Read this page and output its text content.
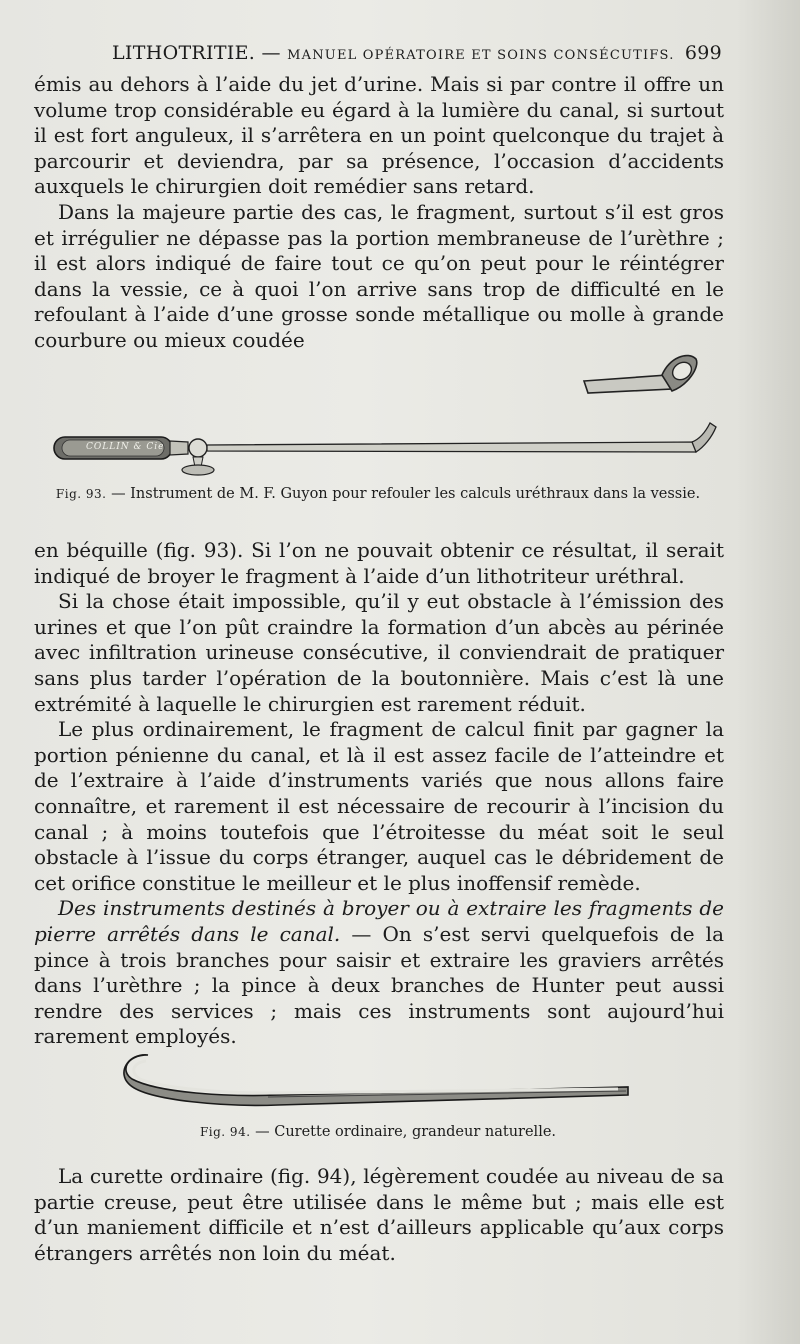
LITHOTRITIE. — MANUEL OPÉRATOIRE ET SOINS CONSÉCUTIFS. 699

émis au dehors à l’aide du jet d’urine. Mais si par contre il offre un volume trop considérable eu égard à la lumière du canal, si surtout il est fort anguleux, il s’arrêtera en un point quelconque du trajet à parcourir et deviendra, par sa présence, l’occasion d’accidents auxquels le chirurgien doit remédier sans retard.

Dans la majeure partie des cas, le fragment, surtout s’il est gros et irrégulier ne dépasse pas la portion membraneuse de l’urèthre ; il est alors indiqué de faire tout ce qu’on peut pour le réintégrer dans la vessie, ce à quoi l’on arrive sans trop de difficulté en le refoulant à l’aide d’une grosse sonde métallique ou molle à grande courbure ou mieux coudée

COLLIN & Cie
Fig. 93. — Instrument de M. F. Guyon pour refouler les calculs uréthraux dans la vessie.

en béquille (fig. 93). Si l’on ne pouvait obtenir ce résultat, il serait indiqué de broyer le fragment à l’aide d’un lithotriteur uréthral.

Si la chose était impossible, qu’il y eut obstacle à l’émission des urines et que l’on pût craindre la formation d’un abcès au périnée avec infiltration urineuse consécutive, il conviendrait de pratiquer sans plus tarder l’opération de la boutonnière. Mais c’est là une extrémité à laquelle le chirurgien est rarement réduit.

Le plus ordinairement, le fragment de calcul finit par gagner la portion pénienne du canal, et là il est assez facile de l’atteindre et de l’extraire à l’aide d’instruments variés que nous allons faire connaître, et rarement il est nécessaire de recourir à l’incision du canal ; à moins toutefois que l’étroitesse du méat soit le seul obstacle à l’issue du corps étranger, auquel cas le débridement de cet orifice constitue le meilleur et le plus inoffensif remède.

Des instruments destinés à broyer ou à extraire les fragments de pierre arrêtés dans le canal. — On s’est servi quelquefois de la pince à trois branches pour saisir et extraire les graviers arrêtés dans l’urèthre ; la pince à deux branches de Hunter peut aussi rendre des services ; mais ces instruments sont aujourd’hui rarement employés.

Fig. 94. — Curette ordinaire, grandeur naturelle.

La curette ordinaire (fig. 94), légèrement coudée au niveau de sa partie creuse, peut être utilisée dans le même but ; mais elle est d’un maniement difficile et n’est d’ailleurs applicable qu’aux corps étrangers arrêtés non loin du méat.
